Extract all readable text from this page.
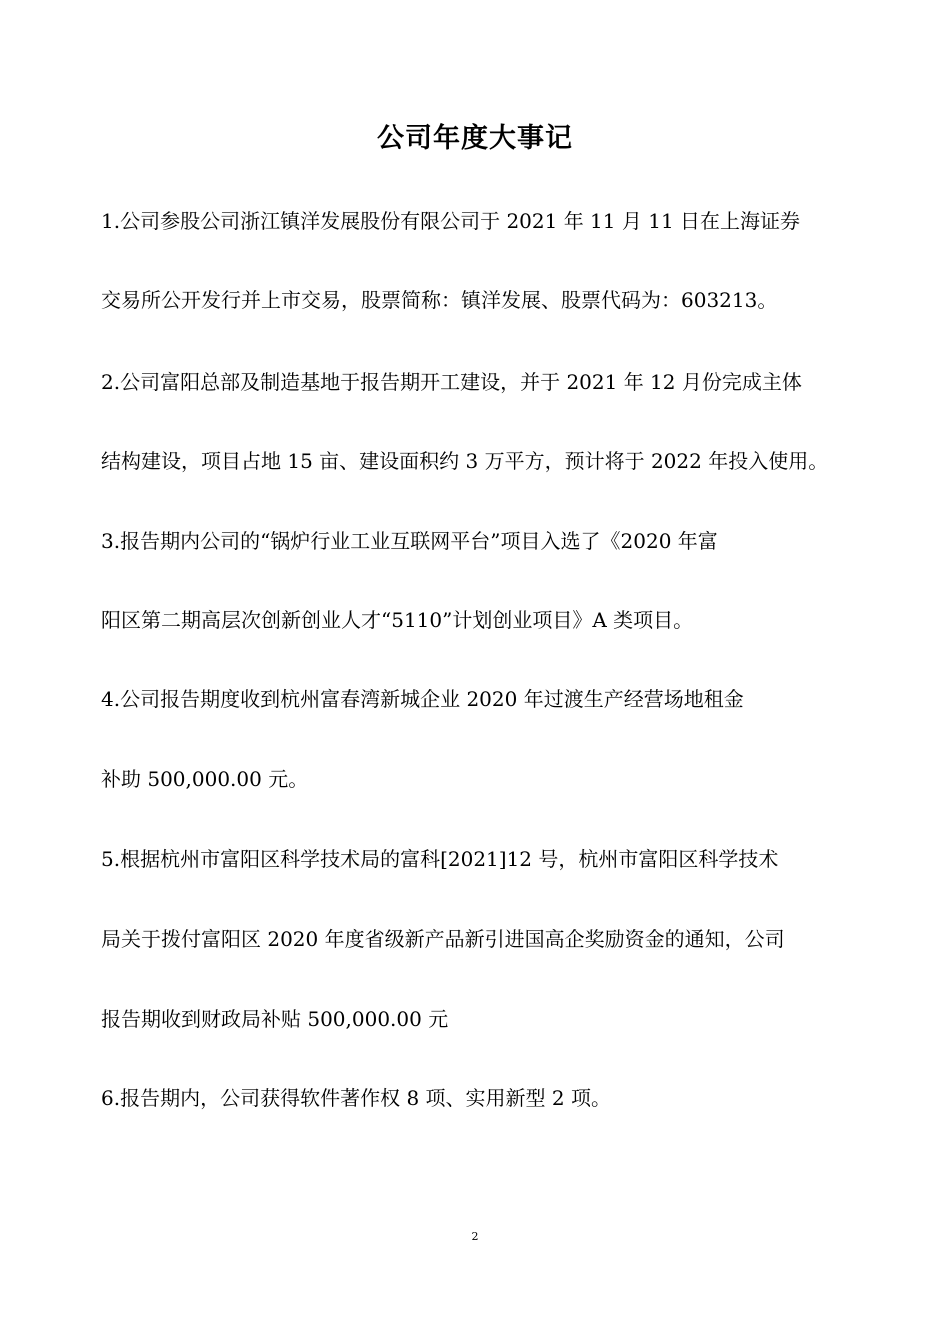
公司年度大事记
1.公司参股公司浙江镇洋发展股份有限公司于 2021 年 11 月 11 日在上海证券
交易所公开发行并上市交易，股票简称：镇洋发展、股票代码为：603213。
2.公司富阳总部及制造基地于报告期开工建设，并于 2021 年 12 月份完成主体
结构建设，项目占地 15 亩、建设面积约 3 万平方，预计将于 2022 年投入使用。
3.报告期内公司的“锅炉行业工业互联网平台”项目入选了《2020 年富
阳区第二期高层次创新创业人才“5110”计划创业项目》A 类项目。
4.公司报告期度收到杭州富春湾新城企业 2020 年过渡生产经营场地租金
补助 500,000.00 元。
5.根据杭州市富阳区科学技术局的富科[2021]12 号，杭州市富阳区科学技术
局关于拨付富阳区 2020 年度省级新产品新引进国高企奖励资金的通知，公司
报告期收到财政局补贴 500,000.00 元
6.报告期内，公司获得软件著作权 8 项、实用新型 2 项。
2
